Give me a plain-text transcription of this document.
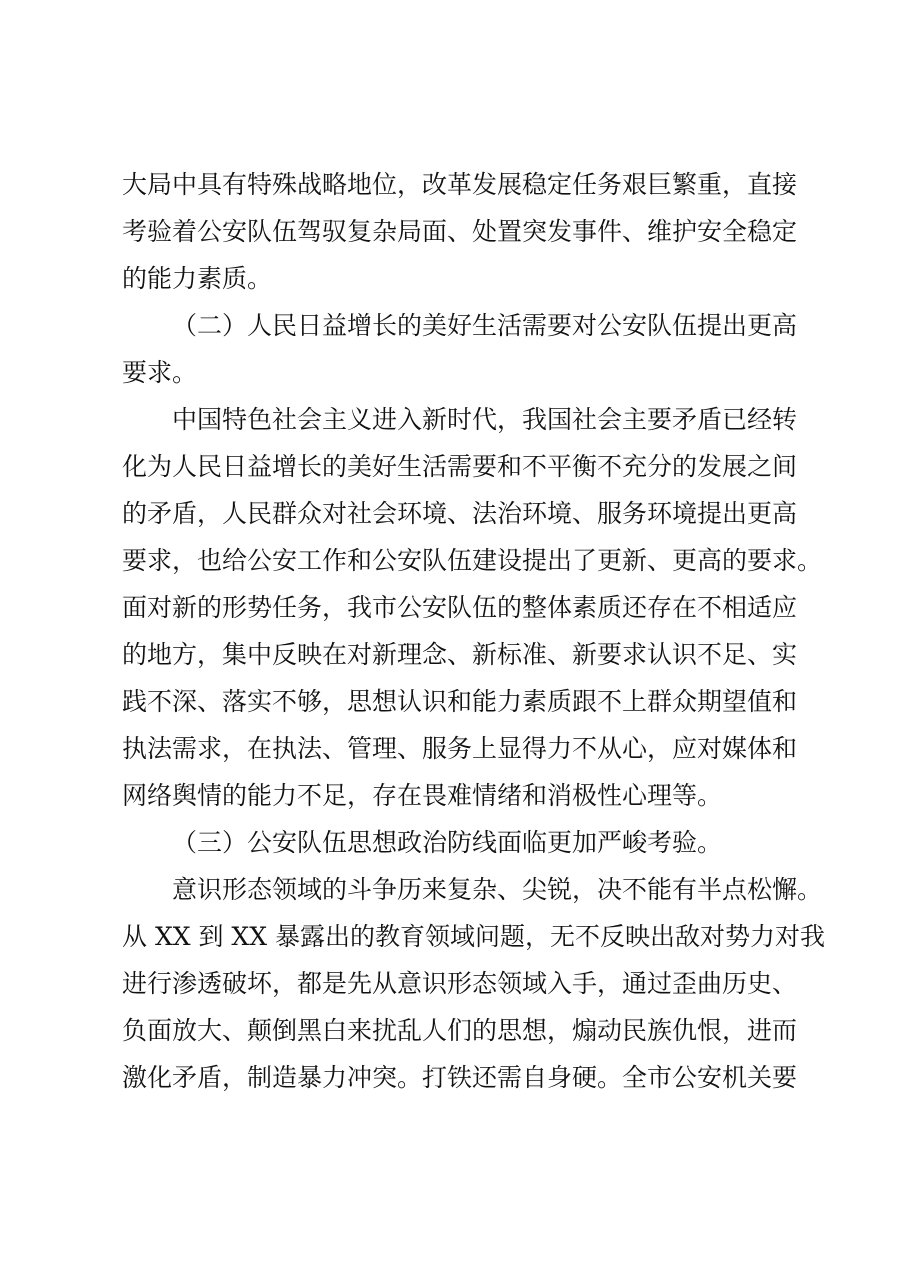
大局中具有特殊战略地位，改革发展稳定任务艰巨繁重，直接
考验着公安队伍驾驭复杂局面、处置突发事件、维护安全稳定
的能力素质。
（二）人民日益增长的美好生活需要对公安队伍提出更高
要求。
中国特色社会主义进入新时代，我国社会主要矛盾已经转
化为人民日益增长的美好生活需要和不平衡不充分的发展之间
的矛盾，人民群众对社会环境、法治环境、服务环境提出更高
要求，也给公安工作和公安队伍建设提出了更新、更高的要求。
面对新的形势任务，我市公安队伍的整体素质还存在不相适应
的地方，集中反映在对新理念、新标准、新要求认识不足、实
践不深、落实不够，思想认识和能力素质跟不上群众期望值和
执法需求，在执法、管理、服务上显得力不从心，应对媒体和
网络舆情的能力不足，存在畏难情绪和消极性心理等。
（三）公安队伍思想政治防线面临更加严峻考验。
意识形态领域的斗争历来复杂、尖锐，决不能有半点松懈。
从 XX 到 XX 暴露出的教育领域问题，无不反映出敌对势力对我
进行渗透破坏，都是先从意识形态领域入手，通过歪曲历史、
负面放大、颠倒黑白来扰乱人们的思想，煽动民族仇恨，进而
激化矛盾，制造暴力冲突。打铁还需自身硬。全市公安机关要
